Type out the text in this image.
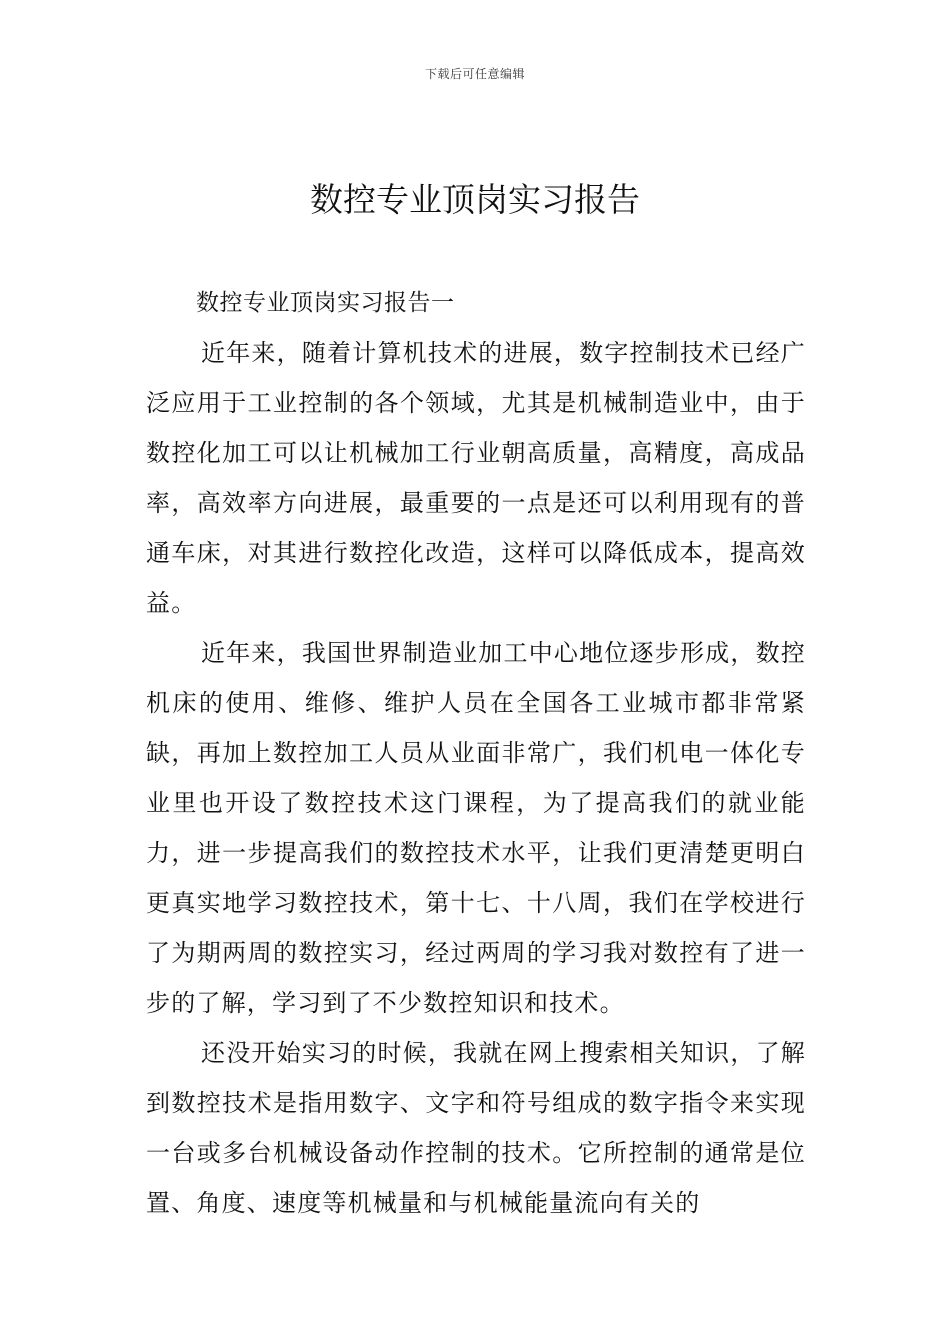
下载后可任意编辑
数控专业顶岗实习报告

数控专业顶岗实习报告一

近年来，随着计算机技术的进展，数字控制技术已经广泛应用于工业控制的各个领域，尤其是机械制造业中，由于数控化加工可以让机械加工行业朝高质量，高精度，高成品率，高效率方向进展，最重要的一点是还可以利用现有的普通车床，对其进行数控化改造，这样可以降低成本，提高效益。

近年来，我国世界制造业加工中心地位逐步形成，数控机床的使用、维修、维护人员在全国各工业城市都非常紧缺，再加上数控加工人员从业面非常广，我们机电一体化专业里也开设了数控技术这门课程，为了提高我们的就业能力，进一步提高我们的数控技术水平，让我们更清楚更明白更真实地学习数控技术，第十七、十八周，我们在学校进行了为期两周的数控实习，经过两周的学习我对数控有了进一步的了解，学习到了不少数控知识和技术。

还没开始实习的时候，我就在网上搜索相关知识，了解到数控技术是指用数字、文字和符号组成的数字指令来实现一台或多台机械设备动作控制的技术。它所控制的通常是位置、角度、速度等机械量和与机械能量流向有关的
